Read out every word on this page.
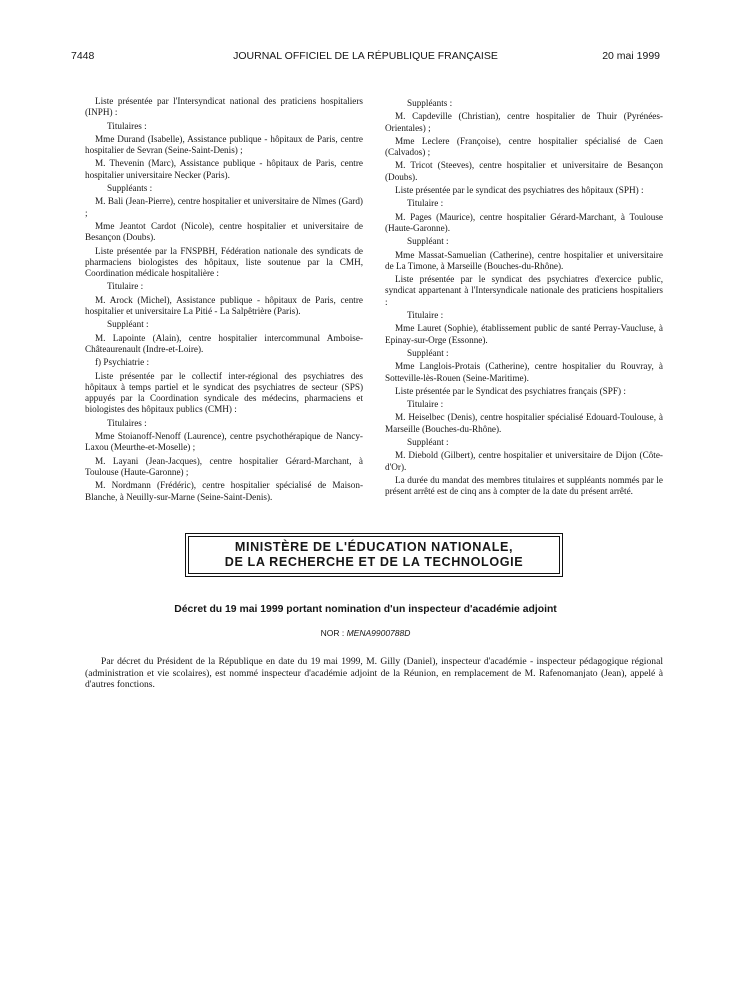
7448	JOURNAL OFFICIEL DE LA RÉPUBLIQUE FRANÇAISE	20 mai 1999

Liste présentée par l'Intersyndicat national des praticiens hospitaliers (INPH) :

Titulaires :

Mme Durand (Isabelle), Assistance publique - hôpitaux de Paris, centre hospitalier de Sevran (Seine-Saint-Denis) ;

M. Thevenin (Marc), Assistance publique - hôpitaux de Paris, centre hospitalier universitaire Necker (Paris).

Suppléants :

M. Bali (Jean-Pierre), centre hospitalier et universitaire de Nîmes (Gard) ;

Mme Jeantot Cardot (Nicole), centre hospitalier et universitaire de Besançon (Doubs).

Liste présentée par la FNSPBH, Fédération nationale des syndicats de pharmaciens biologistes des hôpitaux, liste soutenue par la CMH, Coordination médicale hospitalière :

Titulaire :

M. Arock (Michel), Assistance publique - hôpitaux de Paris, centre hospitalier et universitaire La Pitié - La Salpêtrière (Paris).

Suppléant :

M. Lapointe (Alain), centre hospitalier intercommunal Amboise-Châteaurenault (Indre-et-Loire).

f) Psychiatrie :

Liste présentée par le collectif inter-régional des psychiatres des hôpitaux à temps partiel et le syndicat des psychiatres de secteur (SPS) appuyés par la Coordination syndicale des médecins, pharmaciens et biologistes des hôpitaux publics (CMH) :

Titulaires :

Mme Stoianoff-Nenoff (Laurence), centre psychothérapique de Nancy-Laxou (Meurthe-et-Moselle) ;

M. Layani (Jean-Jacques), centre hospitalier Gérard-Marchant, à Toulouse (Haute-Garonne) ;

M. Nordmann (Frédéric), centre hospitalier spécialisé de Maison-Blanche, à Neuilly-sur-Marne (Seine-Saint-Denis).

Suppléants :

M. Capdeville (Christian), centre hospitalier de Thuir (Pyrénées-Orientales) ;

Mme Leclere (Françoise), centre hospitalier spécialisé de Caen (Calvados) ;

M. Tricot (Steeves), centre hospitalier et universitaire de Besançon (Doubs).

Liste présentée par le syndicat des psychiatres des hôpitaux (SPH) :

Titulaire :

M. Pages (Maurice), centre hospitalier Gérard-Marchant, à Toulouse (Haute-Garonne).

Suppléant :

Mme Massat-Samuelian (Catherine), centre hospitalier et universitaire de La Timone, à Marseille (Bouches-du-Rhône).

Liste présentée par le syndicat des psychiatres d'exercice public, syndicat appartenant à l'Intersyndicale nationale des praticiens hospitaliers :

Titulaire :

Mme Lauret (Sophie), établissement public de santé Perray-Vaucluse, à Epinay-sur-Orge (Essonne).

Suppléant :

Mme Langlois-Protais (Catherine), centre hospitalier du Rouvray, à Sotteville-lès-Rouen (Seine-Maritime).

Liste présentée par le Syndicat des psychiatres français (SPF) :

Titulaire :

M. Heiselbec (Denis), centre hospitalier spécialisé Edouard-Toulouse, à Marseille (Bouches-du-Rhône).

Suppléant :

M. Diebold (Gilbert), centre hospitalier et universitaire de Dijon (Côte-d'Or).

La durée du mandat des membres titulaires et suppléants nommés par le présent arrêté est de cinq ans à compter de la date du présent arrêté.

MINISTÈRE DE L'ÉDUCATION NATIONALE,
DE LA RECHERCHE ET DE LA TECHNOLOGIE
Décret du 19 mai 1999 portant nomination d'un inspecteur d'académie adjoint
NOR : MENA9900788D

Par décret du Président de la République en date du 19 mai 1999, M. Gilly (Daniel), inspecteur d'académie - inspecteur pédagogique régional (administration et vie scolaires), est nommé inspecteur d'académie adjoint de la Réunion, en remplacement de M. Rafenomanjato (Jean), appelé à d'autres fonctions.
